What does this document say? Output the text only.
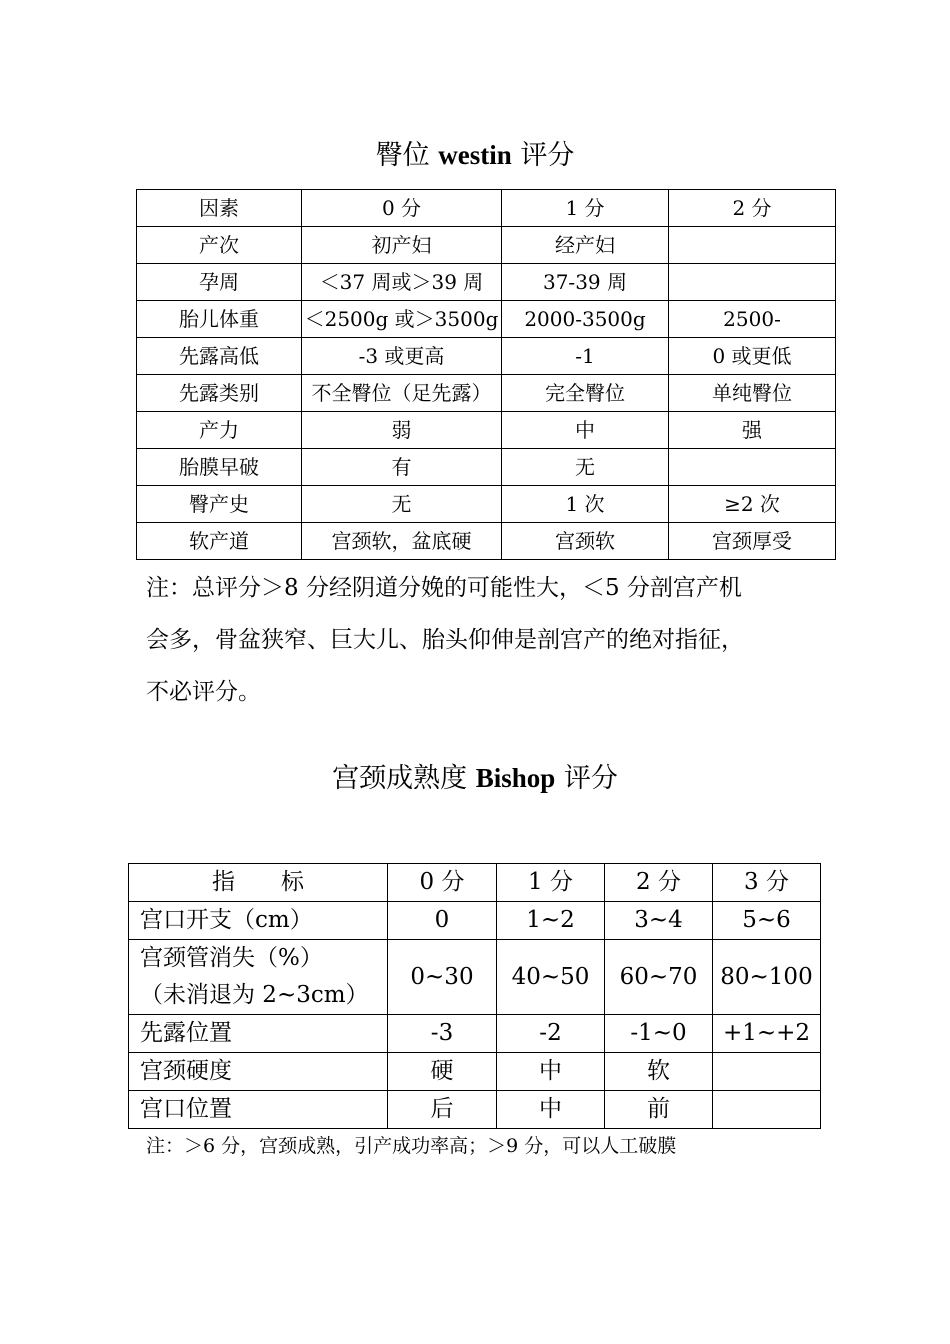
臀位 westin 评分
因素	0 分	1 分	2 分
产次	初产妇	经产妇	
孕周	＜37 周或＞39 周	37-39 周	
胎儿体重	＜2500g 或＞3500g	2000-3500g	2500-
先露高低	-3 或更高	-1	0 或更低
先露类别	不全臀位（足先露）	完全臀位	单纯臀位
产力	弱	中	强
胎膜早破	有	无	
臀产史	无	1 次	≥2 次
软产道	宫颈软，盆底硬	宫颈软	宫颈厚受

注：总评分＞8 分经阴道分娩的可能性大，＜5 分剖宫产机
会多，骨盆狭窄、巨大儿、胎头仰伸是剖宫产的绝对指征，
不必评分。

宫颈成熟度 Bishop 评分
指　　标	0 分	1 分	2 分	3 分
宫口开支（cm）	0	1~2	3~4	5~6
宫颈管消失（%）
（未消退为 2~3cm）	0~30	40~50	60~70	80~100
先露位置	-3	-2	-1~0	+1~+2
宫颈硬度	硬	中	软	
宫口位置	后	中	前	

注：＞6 分，宫颈成熟，引产成功率高；＞9 分，可以人工破膜
